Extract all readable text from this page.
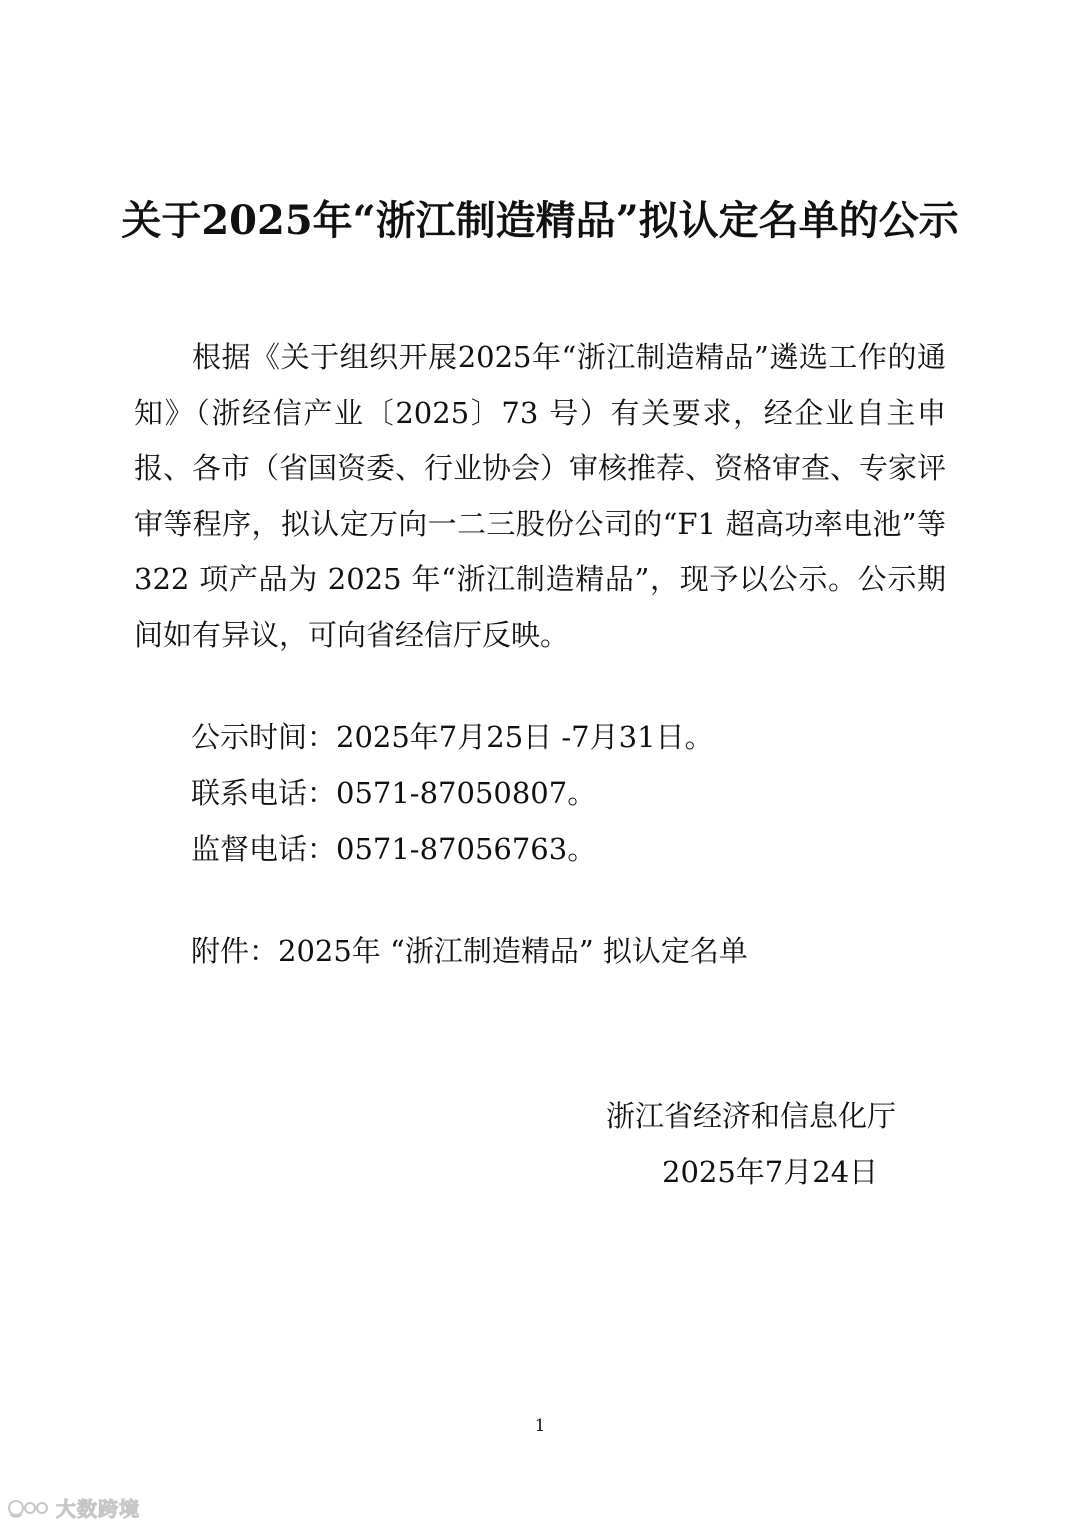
关于2025年“浙江制造精品”拟认定名单的公示
根据《关于组织开展2025年“浙江制造精品”遴选工作的通知》（浙经信产业〔2025〕73 号）有关要求，经企业自主申报、各市（省国资委、行业协会）审核推荐、资格审查、专家评审等程序，拟认定万向一二三股份公司的“F1 超高功率电池”等 322 项产品为 2025 年“浙江制造精品”，现予以公示。公示期间如有异议，可向省经信厅反映。
公示时间：2025年7月25日 -7月31日。
联系电话：0571-87050807。
监督电话：0571-87056763。
附件：2025年 “浙江制造精品” 拟认定名单
浙江省经济和信息化厅
2025年7月24日
1
大数跨境
